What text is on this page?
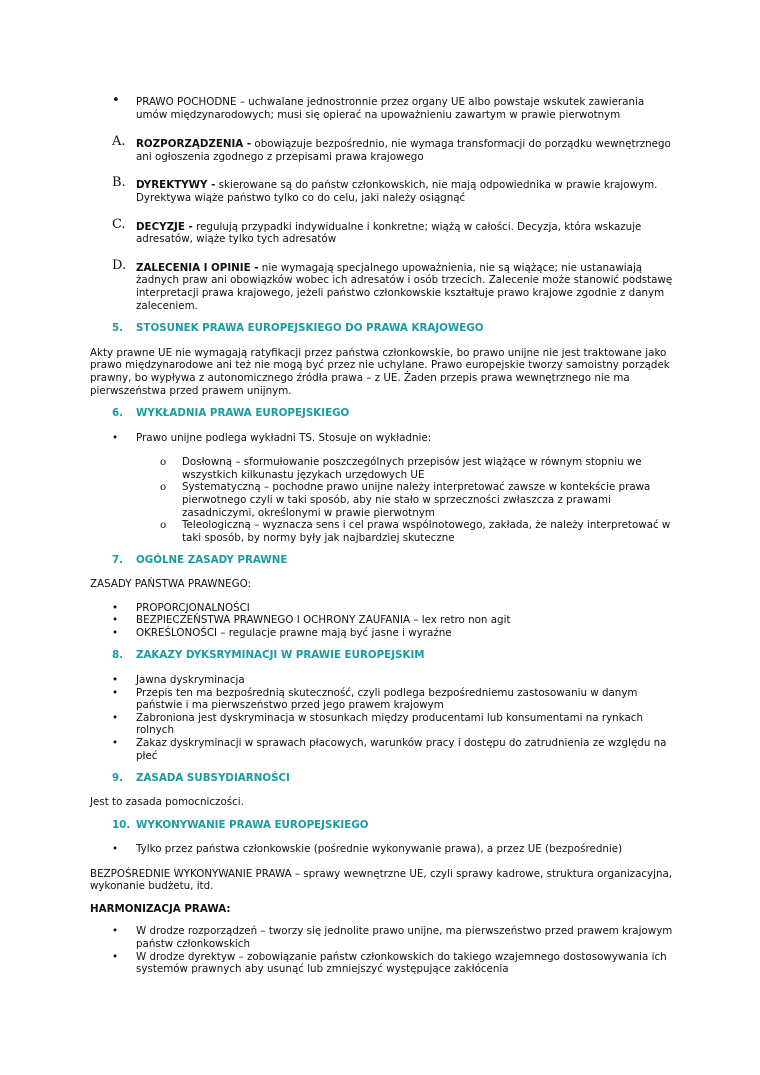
• PRAWO POCHODNE – uchwalane jednostronnie przez organy UE albo powstaje wskutek zawierania umów międzynarodowych; musi się opierać na upoważnieniu zawartym w prawie pierwotnym

A. ROZPORZĄDZENIA - obowiązuje bezpośrednio, nie wymaga transformacji do porządku wewnętrznego ani ogłoszenia zgodnego z przepisami prawa krajowego

B. DYREKTYWY - skierowane są do państw członkowskich, nie mają odpowiednika w prawie krajowym. Dyrektywa wiąże państwo tylko co do celu, jaki należy osiągnąć

C. DECYZJE - regulują przypadki indywidualne i konkretne; wiążą w całości. Decyzja, która wskazuje adresatów, wiąże tylko tych adresatów

D. ZALECENIA I OPINIE - nie wymagają specjalnego upoważnienia, nie są wiążące; nie ustanawiają żadnych praw ani obowiązków wobec ich adresatów i osób trzecich. Zalecenie może stanowić podstawę interpretacji prawa krajowego, jeżeli państwo członkowskie kształtuje prawo krajowe zgodnie z danym zaleceniem.

5. STOSUNEK PRAWA EUROPEJSKIEGO DO PRAWA KRAJOWEGO

Akty prawne UE nie wymagają ratyfikacji przez państwa członkowskie, bo prawo unijne nie jest traktowane jako prawo międzynarodowe ani też nie mogą być przez nie uchylane. Prawo europejskie tworzy samoistny porządek prawny, bo wypływa z autonomicznego źródła prawa – z UE. Żaden przepis prawa wewnętrznego nie ma pierwszeństwa przed prawem unijnym.

6. WYKŁADNIA PRAWA EUROPEJSKIEGO
• Prawo unijne podlega wykładni TS. Stosuje on wykładnie:

o Dosłowną – sformułowanie poszczególnych przepisów jest wiążące w równym stopniu we wszystkich kilkunastu językach urzędowych UE

o Systematyczną – pochodne prawo unijne należy interpretować zawsze w kontekście prawa pierwotnego czyli w taki sposób, aby nie stało w sprzeczności zwłaszcza z prawami zasadniczymi, określonymi w prawie pierwotnym

o Teleologiczną – wyznacza sens i cel prawa wspólnotowego, zakłada, że należy interpretować w taki sposób, by normy były jak najbardziej skuteczne

7. OGÓLNE ZASADY PRAWNE

ZASADY PAŃSTWA PRAWNEGO:

• PROPORCJONALNOŚCI

• BEZPIECZEŃSTWA PRAWNEGO I OCHRONY ZAUFANIA – lex retro non agit

• OKREŚLONOŚCI – regulacje prawne mają być jasne i wyraźne

8. ZAKAZY DYKSRYMINACJI W PRAWIE EUROPEJSKIM
• Jawna dyskryminacja

• Przepis ten ma bezpośrednią skuteczność, czyli podlega bezpośredniemu zastosowaniu w danym państwie i ma pierwszeństwo przed jego prawem krajowym

• Zabroniona jest dyskryminacja w stosunkach między producentami lub konsumentami na rynkach rolnych

• Zakaz dyskryminacji w sprawach płacowych, warunków pracy i dostępu do zatrudnienia ze względu na płeć

9. ZASADA SUBSYDIARNOŚCI

Jest to zasada pomocniczości.

10. WYKONYWANIE PRAWA EUROPEJSKIEGO
• Tylko przez państwa członkowskie (pośrednie wykonywanie prawa), a przez UE (bezpośrednie)

BEZPOŚREDNIE WYKONYWANIE PRAWA – sprawy wewnętrzne UE, czyli sprawy kadrowe, struktura organizacyjna, wykonanie budżetu, itd.

HARMONIZACJA PRAWA:

• W drodze rozporządzeń – tworzy się jednolite prawo unijne, ma pierwszeństwo przed prawem krajowym państw członkowskich

• W drodze dyrektyw – zobowiązanie państw członkowskich do takiego wzajemnego dostosowywania ich systemów prawnych aby usunąć lub zmniejszyć występujące zakłócenia
